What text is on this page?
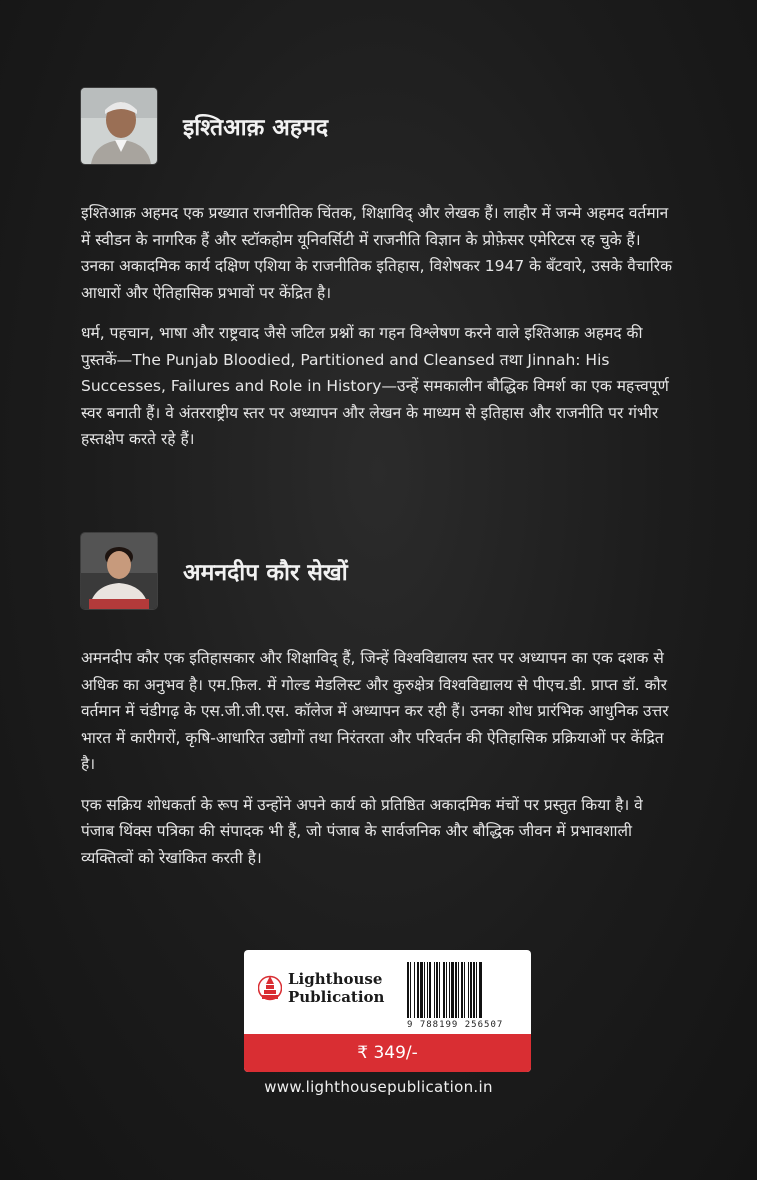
इश्तिआक़ अहमद

इश्तिआक़ अहमद एक प्रख्यात राजनीतिक चिंतक, शिक्षाविद् और लेखक हैं। लाहौर में जन्मे अहमद वर्तमान में स्वीडन के नागरिक हैं और स्टॉकहोम यूनिवर्सिटी में राजनीति विज्ञान के प्रोफ़ेसर एमेरिटस रह चुके हैं। उनका अकादमिक कार्य दक्षिण एशिया के राजनीतिक इतिहास, विशेषकर 1947 के बँटवारे, उसके वैचारिक आधारों और ऐतिहासिक प्रभावों पर केंद्रित है।

धर्म, पहचान, भाषा और राष्ट्रवाद जैसे जटिल प्रश्नों का गहन विश्लेषण करने वाले इश्तिआक़ अहमद की पुस्तकें—The Punjab Bloodied, Partitioned and Cleansed तथा Jinnah: His Successes, Failures and Role in History—उन्हें समकालीन बौद्धिक विमर्श का एक महत्त्वपूर्ण स्वर बनाती हैं। वे अंतरराष्ट्रीय स्तर पर अध्यापन और लेखन के माध्यम से इतिहास और राजनीति पर गंभीर हस्तक्षेप करते रहे हैं।

अमनदीप कौर सेखों

अमनदीप कौर एक इतिहासकार और शिक्षाविद् हैं, जिन्हें विश्वविद्यालय स्तर पर अध्यापन का एक दशक से अधिक का अनुभव है। एम.फ़िल. में गोल्ड मेडलिस्ट और कुरुक्षेत्र विश्वविद्यालय से पीएच.डी. प्राप्त डॉ. कौर वर्तमान में चंडीगढ़ के एस.जी.जी.एस. कॉलेज में अध्यापन कर रही हैं। उनका शोध प्रारंभिक आधुनिक उत्तर भारत में कारीगरों, कृषि-आधारित उद्योगों तथा निरंतरता और परिवर्तन की ऐतिहासिक प्रक्रियाओं पर केंद्रित है।

एक सक्रिय शोधकर्ता के रूप में उन्होंने अपने कार्य को प्रतिष्ठित अकादमिक मंचों पर प्रस्तुत किया है। वे पंजाब थिंक्स पत्रिका की संपादक भी हैं, जो पंजाब के सार्वजनिक और बौद्धिक जीवन में प्रभावशाली व्यक्तित्वों को रेखांकित करती है।

Lighthouse
Publication
9 788199 256507
₹ 349/-
www.lighthousepublication.in
